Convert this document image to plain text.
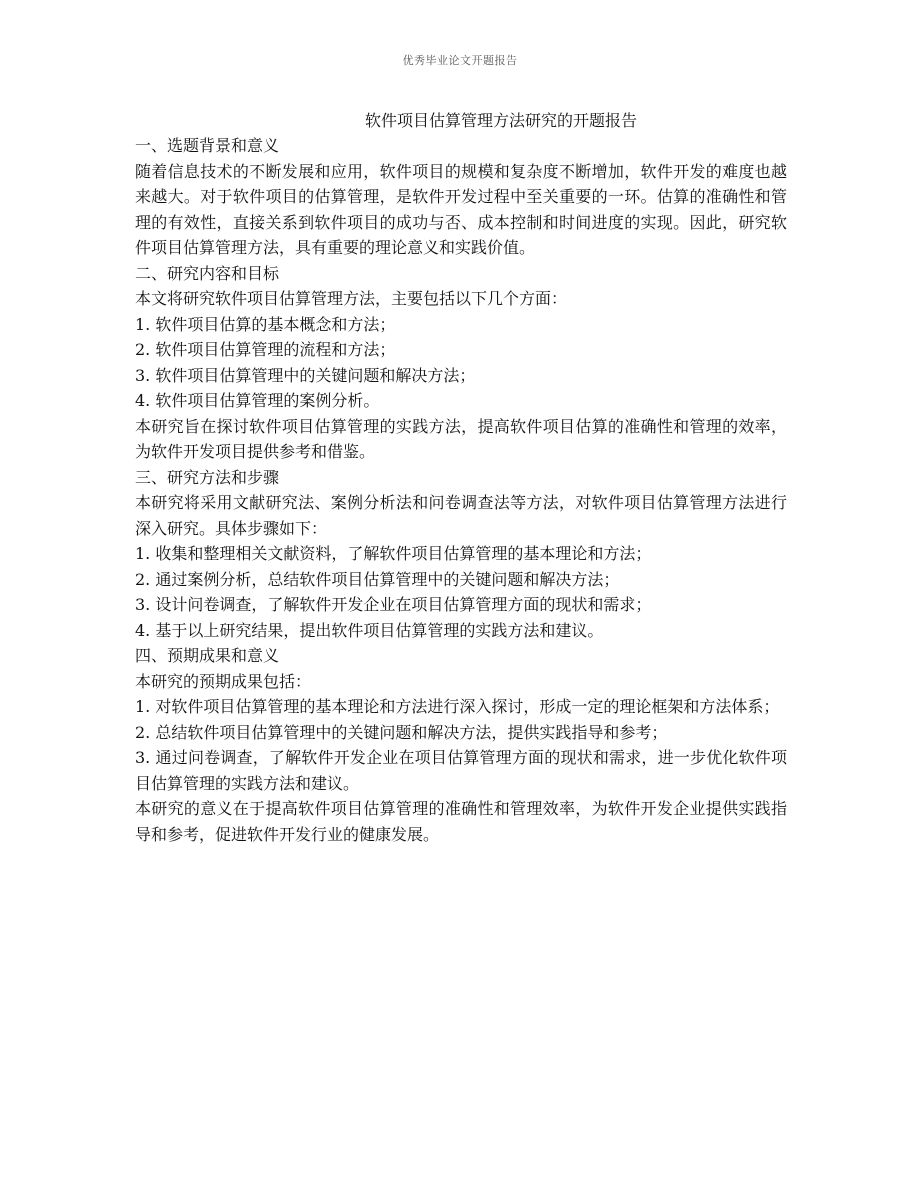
优秀毕业论文开题报告
软件项目估算管理方法研究的开题报告
一、选题背景和意义
随着信息技术的不断发展和应用，软件项目的规模和复杂度不断增加，软件开发的难度也越来越大。对于软件项目的估算管理，是软件开发过程中至关重要的一环。估算的准确性和管理的有效性，直接关系到软件项目的成功与否、成本控制和时间进度的实现。因此，研究软件项目估算管理方法，具有重要的理论意义和实践价值。
二、研究内容和目标
本文将研究软件项目估算管理方法，主要包括以下几个方面：
1. 软件项目估算的基本概念和方法；
2. 软件项目估算管理的流程和方法；
3. 软件项目估算管理中的关键问题和解决方法；
4. 软件项目估算管理的案例分析。
本研究旨在探讨软件项目估算管理的实践方法，提高软件项目估算的准确性和管理的效率，为软件开发项目提供参考和借鉴。
三、研究方法和步骤
本研究将采用文献研究法、案例分析法和问卷调查法等方法，对软件项目估算管理方法进行深入研究。具体步骤如下：
1. 收集和整理相关文献资料，了解软件项目估算管理的基本理论和方法；
2. 通过案例分析，总结软件项目估算管理中的关键问题和解决方法；
3. 设计问卷调查，了解软件开发企业在项目估算管理方面的现状和需求；
4. 基于以上研究结果，提出软件项目估算管理的实践方法和建议。
四、预期成果和意义
本研究的预期成果包括：
1. 对软件项目估算管理的基本理论和方法进行深入探讨，形成一定的理论框架和方法体系；
2. 总结软件项目估算管理中的关键问题和解决方法，提供实践指导和参考；
3. 通过问卷调查，了解软件开发企业在项目估算管理方面的现状和需求，进一步优化软件项目估算管理的实践方法和建议。
本研究的意义在于提高软件项目估算管理的准确性和管理效率，为软件开发企业提供实践指导和参考，促进软件开发行业的健康发展。
